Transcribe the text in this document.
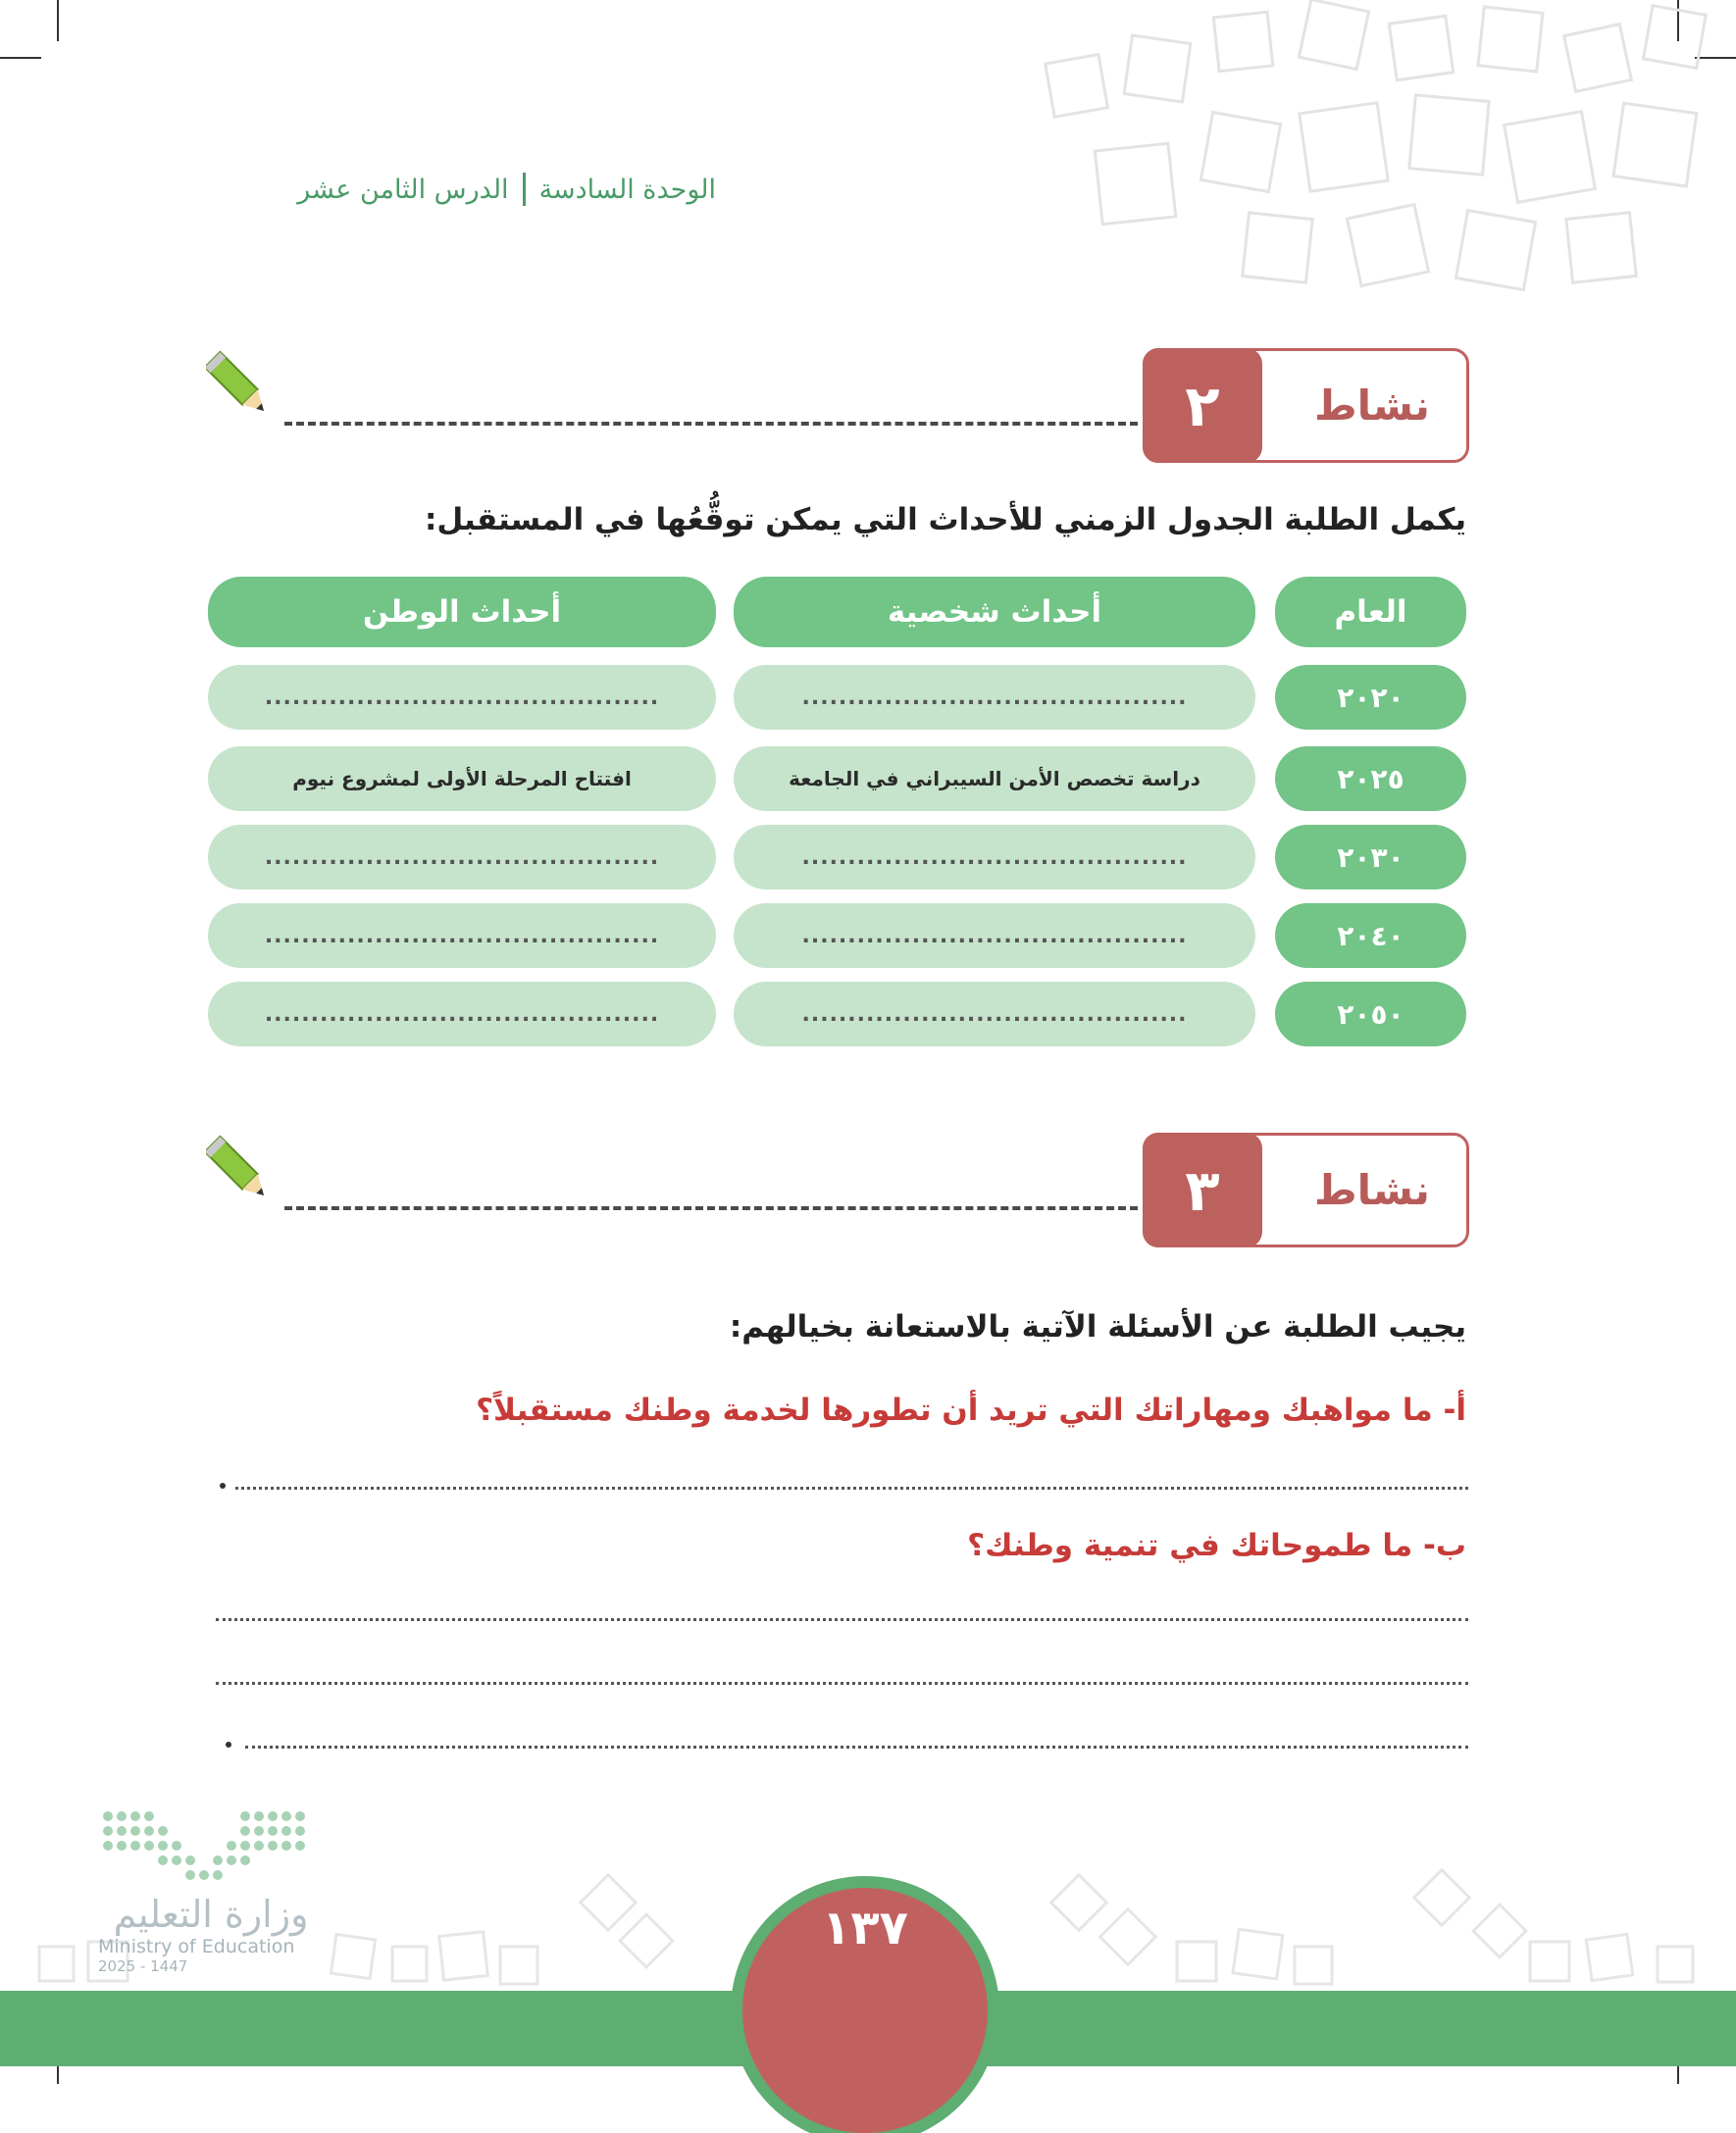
الوحدة السادسة
الدرس الثامن عشر
٢	نشاط
يكمل الطلبة الجدول الزمني للأحداث التي يمكن توقُّعُها في المستقبل:
العام
أحداث شخصية
أحداث الوطن
٢٠٢٠
..........................................
...........................................
٢٠٢٥
دراسة تخصص الأمن السيبراني في الجامعة
افتتاح المرحلة الأولى لمشروع نيوم
٢٠٣٠
..........................................
...........................................
٢٠٤٠
..........................................
...........................................
٢٠٥٠
..........................................
...........................................
٣	نشاط
يجيب الطلبة عن الأسئلة الآتية بالاستعانة بخيالهم:
أ- ما مواهبك ومهاراتك التي تريد أن تطورها لخدمة وطنك مستقبلاً؟
ب- ما طموحاتك في تنمية وطنك؟
١٣٧
وزارة التعليم
Ministry of Education
2025 - 1447
